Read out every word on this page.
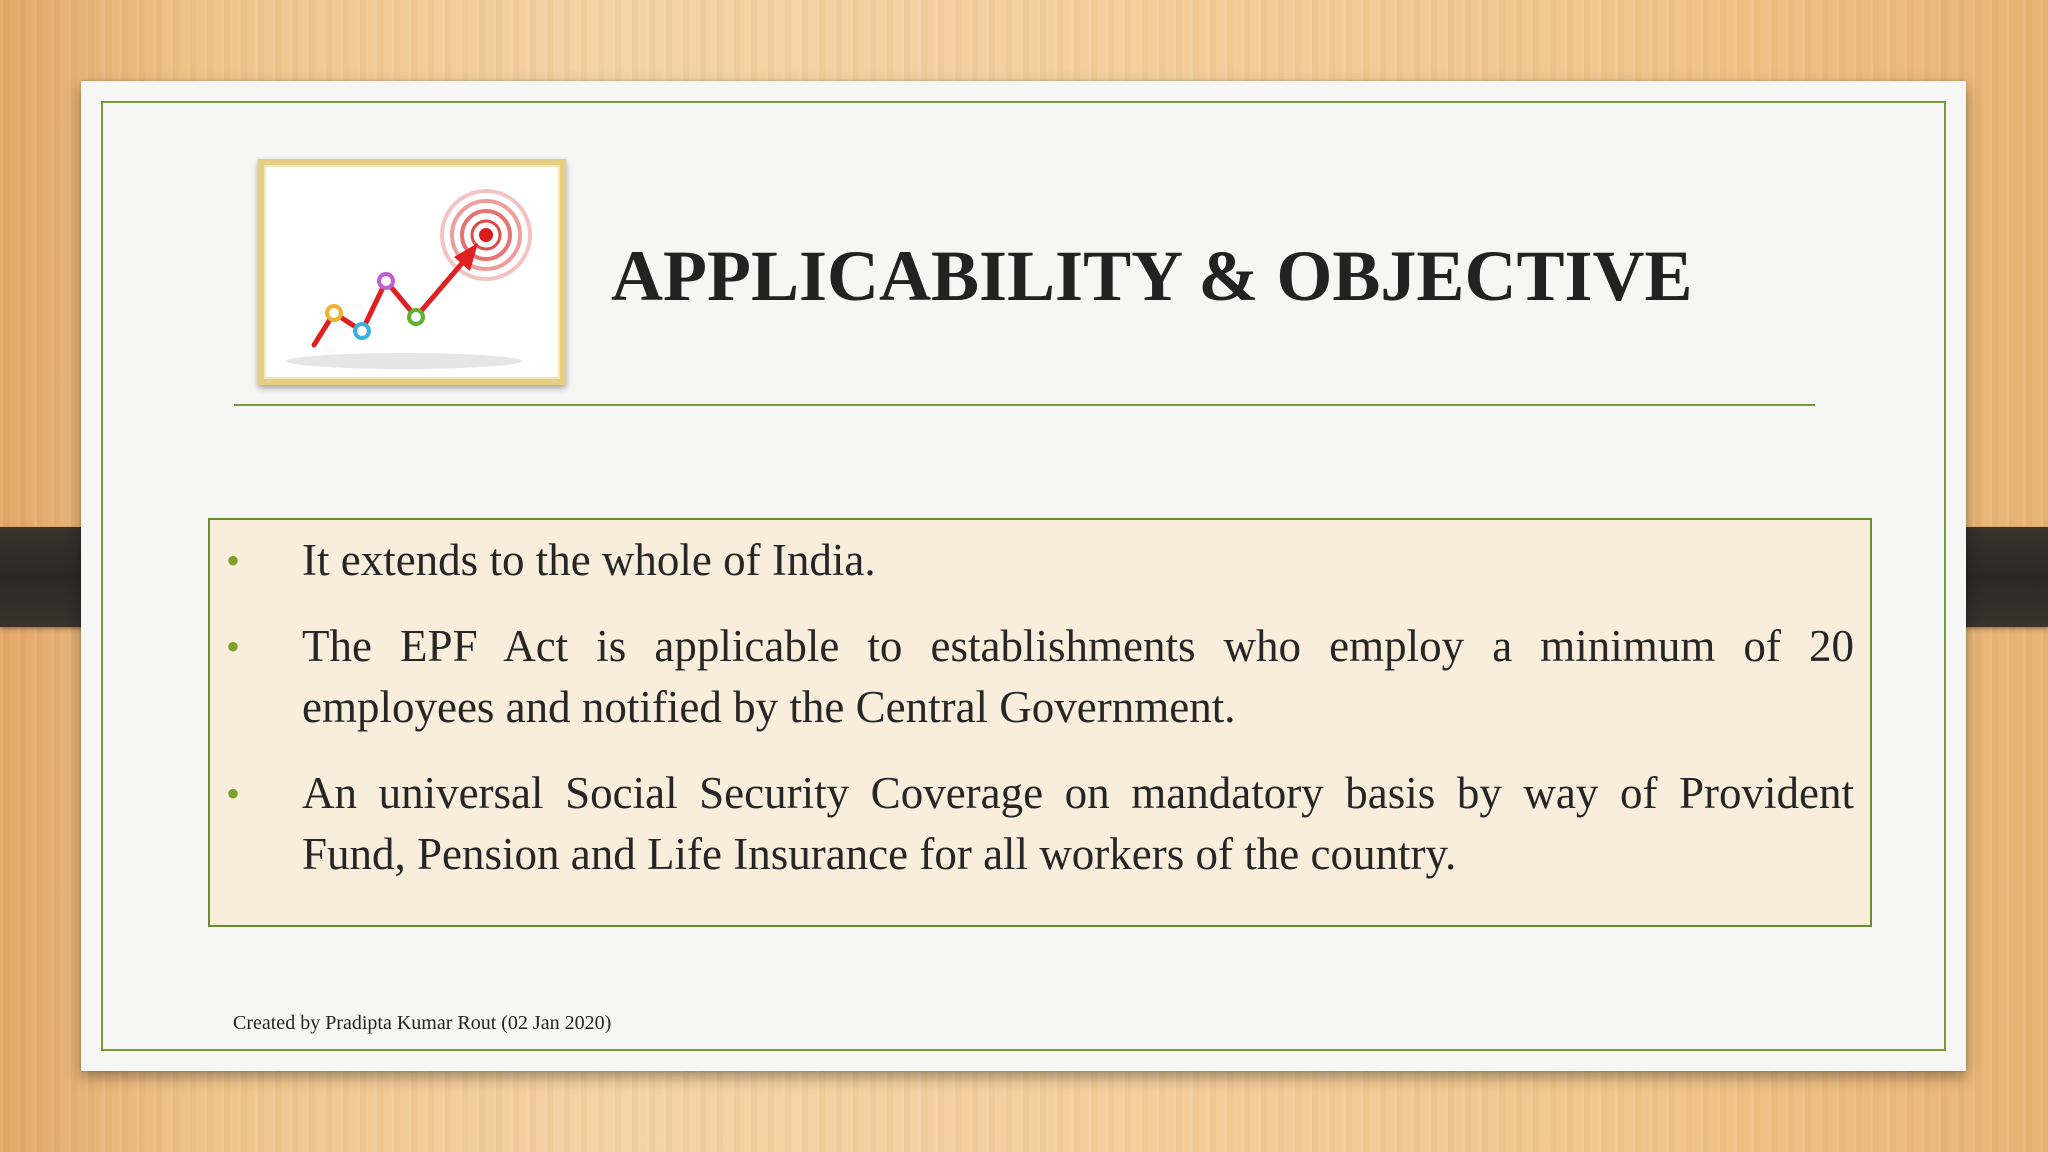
APPLICABILITY & OBJECTIVE
• It extends to the whole of India.
• The EPF Act is applicable to establishments who employ a minimum of 20 employees and notified by the Central Government.
• An universal Social Security Coverage on mandatory basis by way of Provident Fund, Pension and Life Insurance for all workers of the country.
Created by Pradipta Kumar Rout (02 Jan 2020)
